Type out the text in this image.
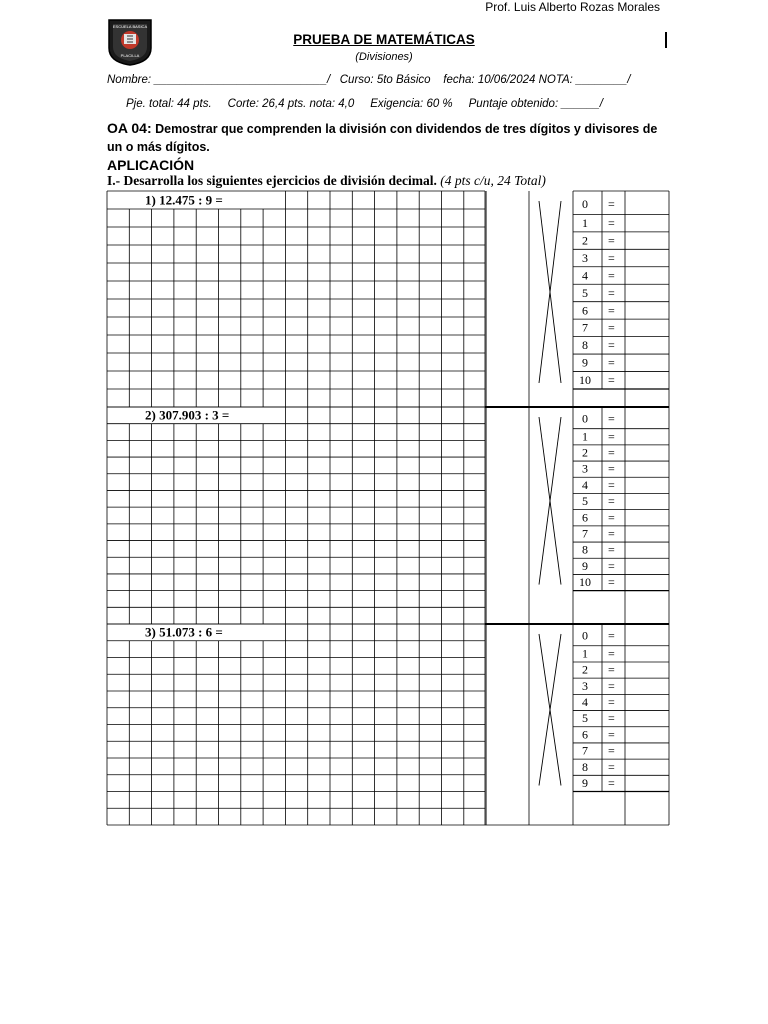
Prof. Luis Alberto Rozas Morales
ESCUELA BASICA
PLACILLA
PRUEBA DE MATEMÁTICAS
(Divisiones)
Nombre: ___________________________/   Curso: 5to Básico    fecha: 10/06/2024 NOTA: ________/
Pje. total: 44 pts.     Corte: 26,4 pts. nota: 4,0     Exigencia: 60 %     Puntaje obtenido: ______/
OA 04: Demostrar que comprenden la división con dividendos de tres dígitos y divisores de un o más dígitos.
APLICACIÓN
I.- Desarrolla los siguientes ejercicios de división decimal. (4 pts c/u, 24 Total)
1) 12.475 : 9 =	0 =
1 =
2 =
3 =
4 =
5 =
6 =
7 =
8 =
9 =
10 =
2) 307.903 : 3 =	0 =
1 =
2 =
3 =
4 =
5 =
6 =
7 =
8 =
9 =
10 =
3) 51.073 : 6 =	0 =
1 =
2 =
3 =
4 =
5 =
6 =
7 =
8 =
9 =
